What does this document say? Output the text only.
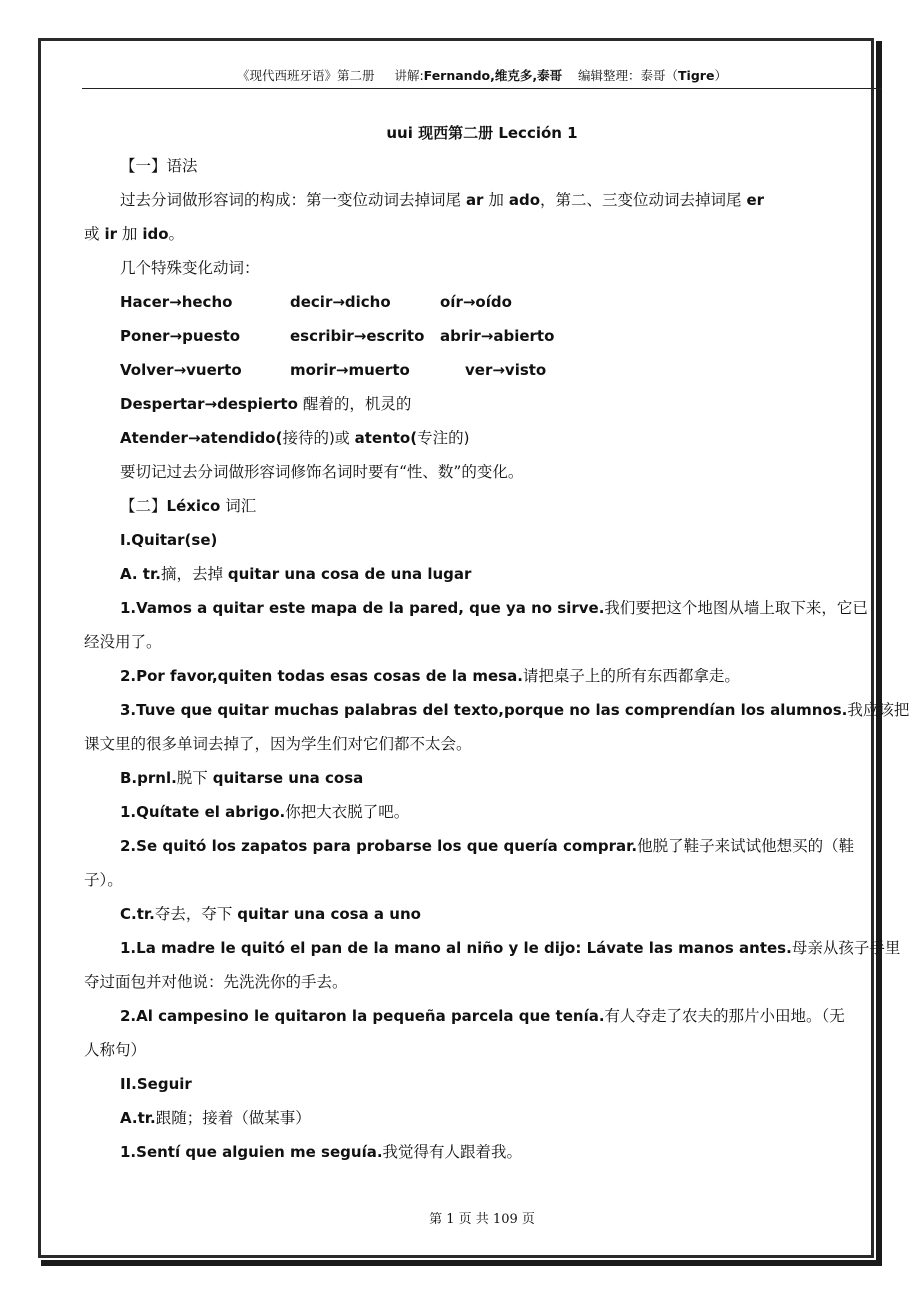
《现代西班牙语》第二册 讲解:Fernando,维克多,泰哥 编辑整理：泰哥（Tigre）
uui 现西第二册 Lección 1
【一】语法
过去分词做形容词的构成：第一变位动词去掉词尾 ar 加 ado，第二、三变位动词去掉词尾 er
或 ir 加 ido。
几个特殊变化动词：
Hacer→hecho	decir→dicho	oír→oído
Poner→puesto	escribir→escrito abrir→abierto
Volver→vuerto	morir→muerto	ver→visto
Despertar→despierto 醒着的，机灵的
Atender→atendido(接待的)或 atento(专注的)
要切记过去分词做形容词修饰名词时要有“性、数”的变化。
【二】Léxico 词汇
I.Quitar(se)
A. tr.摘，去掉 quitar una cosa de una lugar
1.Vamos a quitar este mapa de la pared, que ya no sirve.我们要把这个地图从墙上取下来，它已
经没用了。
2.Por favor,quiten todas esas cosas de la mesa.请把桌子上的所有东西都拿走。
3.Tuve que quitar muchas palabras del texto,porque no las comprendían los alumnos.我应该把
课文里的很多单词去掉了，因为学生们对它们都不太会。
B.prnl.脱下 quitarse una cosa
1.Quítate el abrigo.你把大衣脱了吧。
2.Se quitó los zapatos para probarse los que quería comprar.他脱了鞋子来试试他想买的（鞋
子）。
C.tr.夺去，夺下 quitar una cosa a uno
1.La madre le quitó el pan de la mano al niño y le dijo: Lávate las manos antes.母亲从孩子手里
夺过面包并对他说：先洗洗你的手去。
2.Al campesino le quitaron la pequeña parcela que tenía.有人夺走了农夫的那片小田地。（无
人称句）
II.Seguir
A.tr.跟随；接着（做某事）
1.Sentí que alguien me seguía.我觉得有人跟着我。
第 1 页 共 109 页
